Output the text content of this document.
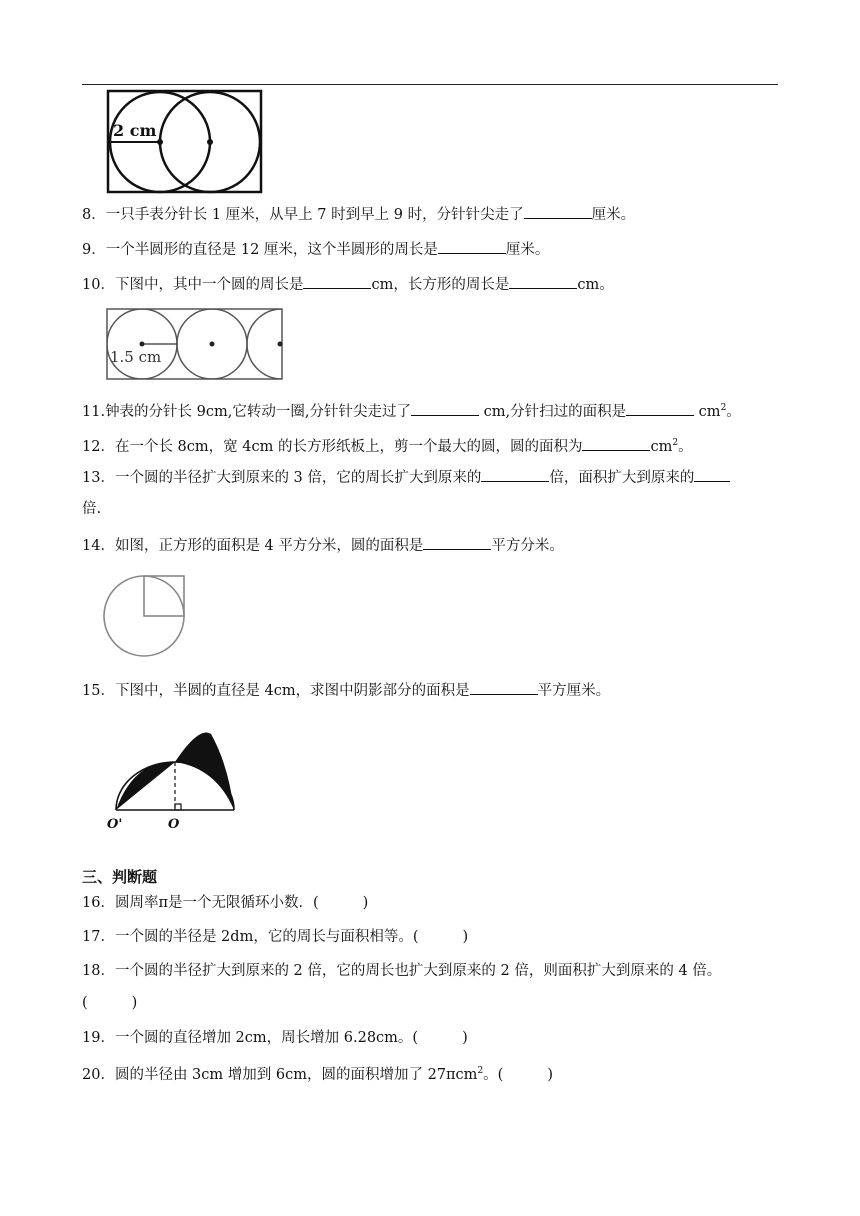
2 cm
8．一只手表分针长 1 厘米，从早上 7 时到早上 9 时，分针针尖走了	厘米。
9．一个半圆形的直径是 12 厘米，这个半圆形的周长是	厘米。
10．下图中，其中一个圆的周长是	cm，长方形的周长是	cm。
1.5 cm
11.钟表的分针长 9cm,它转动一圈,分针针尖走过了	cm,分针扫过的面积是	$cm^2$。
12．在一个长 8cm，宽 4cm 的长方形纸板上，剪一个最大的圆，圆的面积为	$cm^2$。
13．一个圆的半径扩大到原来的 3 倍，它的周长扩大到原来的	倍，面积扩大到原来的
倍.
14．如图，正方形的面积是 4 平方分米，圆的面积是	平方分米。
15．下图中，半圆的直径是 4cm，求图中阴影部分的面积是	平方厘米。
O'	O
三、判断题
16．圆周率π是一个无限循环小数．(	)
17．一个圆的半径是 2dm，它的周长与面积相等。(	)
18．一个圆的半径扩大到原来的 2 倍，它的周长也扩大到原来的 2 倍，则面积扩大到原来的 4 倍。
(	)
19．一个圆的直径增加 2cm，周长增加 6.28cm。(	)
20．圆的半径由 3cm 增加到 6cm，圆的面积增加了 27πcm$^2$。(	)
